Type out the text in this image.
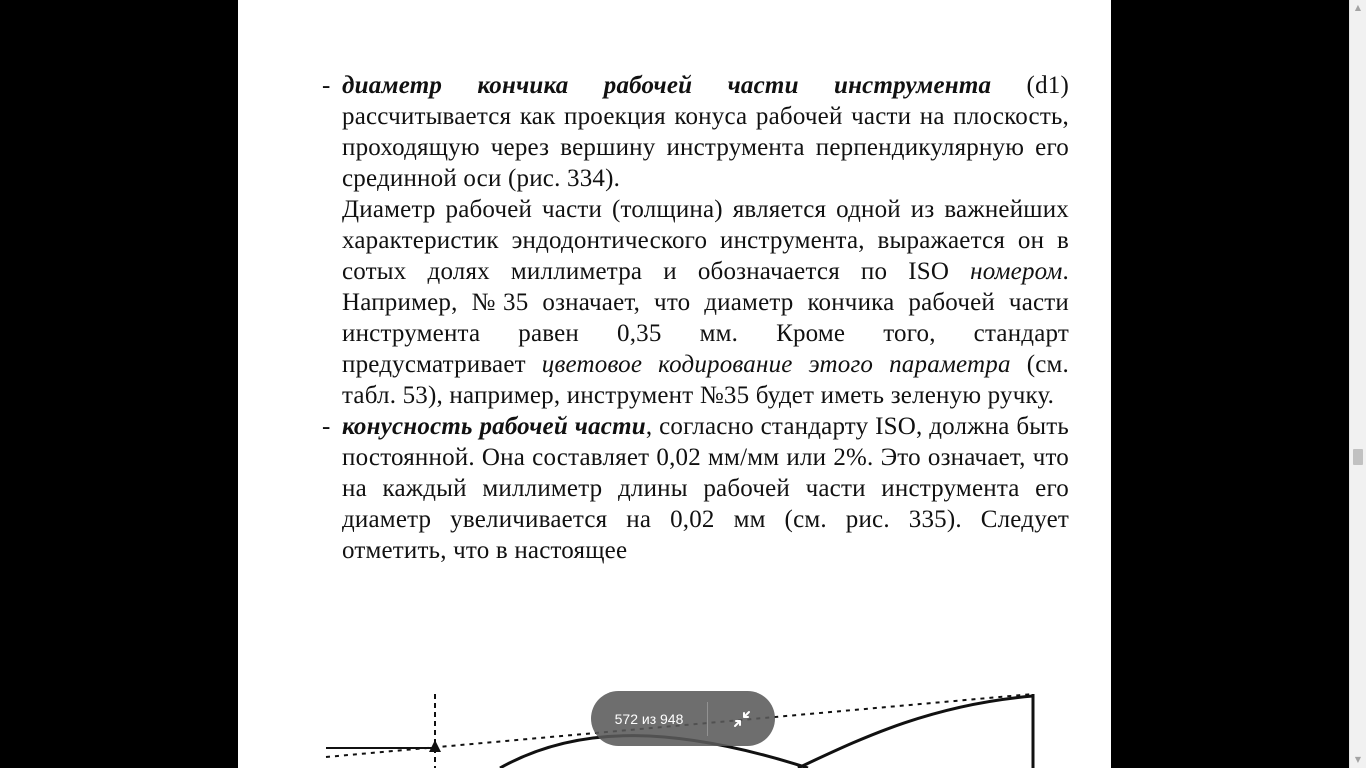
- диаметр кончика рабочей части инструмента (d1) рассчитывается как проекция конуса рабочей части на плоскость, проходящую через вершину инструмента перпендикулярную его срединной оси (рис. 334).

Диаметр рабочей части (толщина) является одной из важнейших характеристик эндодонтического инструмента, выражается он в сотых долях миллиметра и обозначается по ISO номером. Например, №35 означает, что диаметр кончика рабочей части инструмента равен 0,35 мм. Кроме того, стандарт предусматривает цветовое кодирование этого параметра (см. табл. 53), например, инструмент №35 будет иметь зеленую ручку.

- конусность рабочей части, согласно стандарту ISO, должна быть постоянной. Она составляет 0,02 мм/мм или 2%. Это означает, что на каждый миллиметр длины рабочей части инструмента его диаметр увеличивается на 0,02 мм (см. рис. 335). Следует отметить, что в настоящее

▲
▼
572 из 948
